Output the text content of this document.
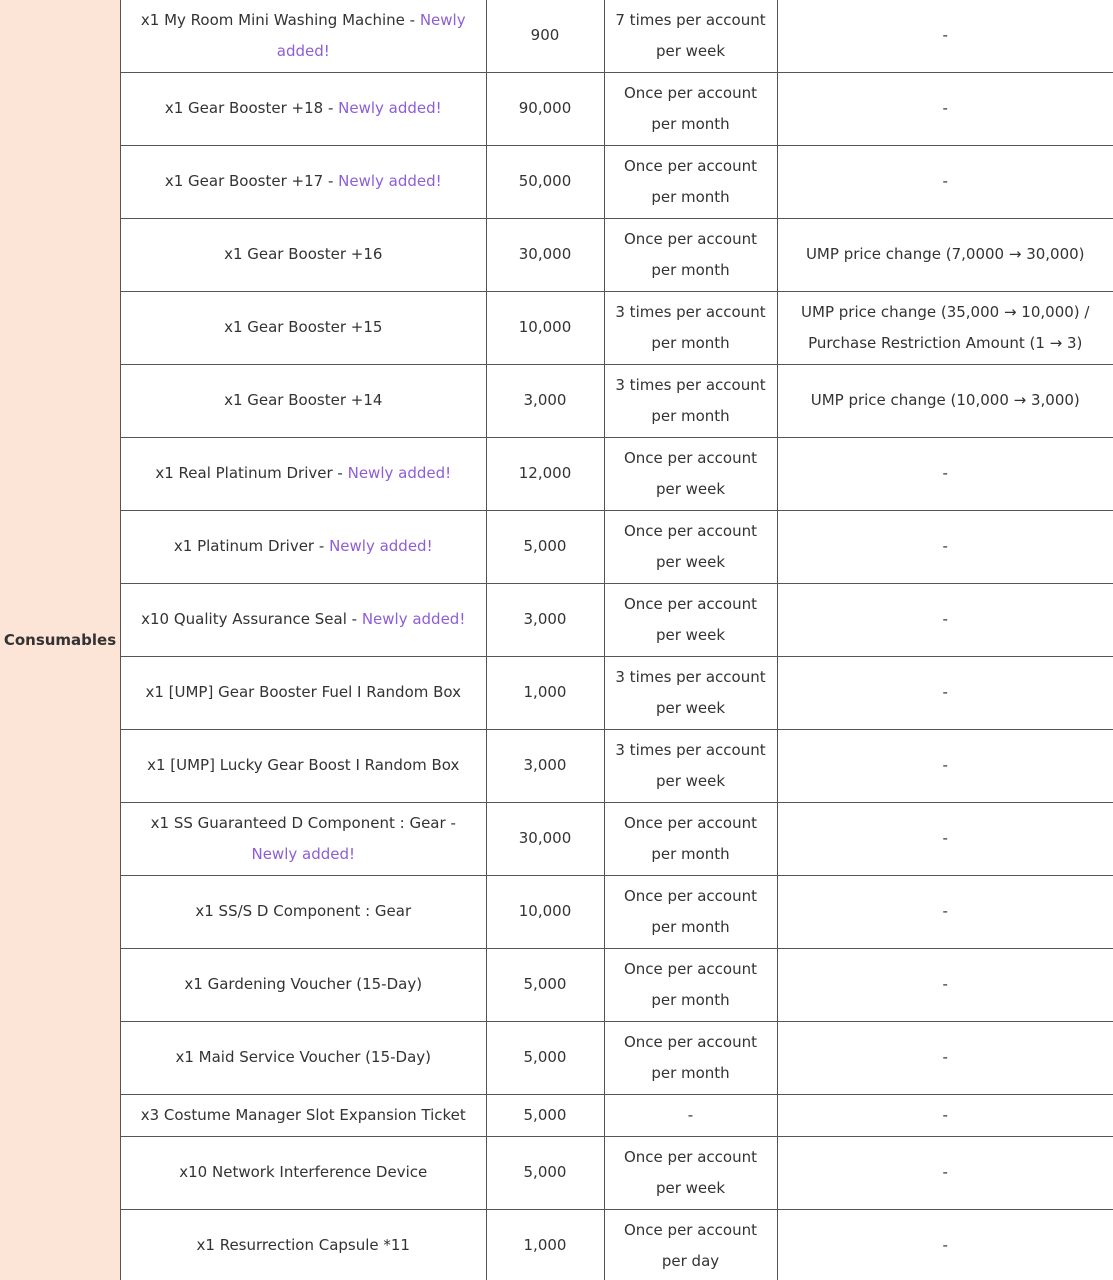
Consumables
x1 My Room Mini Washing Machine - Newly added!	900	7 times per account per week	-
x1 Gear Booster +18 - Newly added!	90,000	Once per account per month	-
x1 Gear Booster +17 - Newly added!	50,000	Once per account per month	-
x1 Gear Booster +16	30,000	Once per account per month	UMP price change (7,0000 → 30,000)
x1 Gear Booster +15	10,000	3 times per account per month	UMP price change (35,000 → 10,000) / Purchase Restriction Amount (1 → 3)
x1 Gear Booster +14	3,000	3 times per account per month	UMP price change (10,000 → 3,000)
x1 Real Platinum Driver - Newly added!	12,000	Once per account per week	-
x1 Platinum Driver - Newly added!	5,000	Once per account per week	-
x10 Quality Assurance Seal - Newly added!	3,000	Once per account per week	-
x1 [UMP] Gear Booster Fuel I Random Box	1,000	3 times per account per week	-
x1 [UMP] Lucky Gear Boost I Random Box	3,000	3 times per account per week	-
x1 SS Guaranteed D Component : Gear - Newly added!	30,000	Once per account per month	-
x1 SS/S D Component : Gear	10,000	Once per account per month	-
x1 Gardening Voucher (15-Day)	5,000	Once per account per month	-
x1 Maid Service Voucher (15-Day)	5,000	Once per account per month	-
x3 Costume Manager Slot Expansion Ticket	5,000	-	-
x10 Network Interference Device	5,000	Once per account per week	-
x1 Resurrection Capsule *11	1,000	Once per account per day	-
